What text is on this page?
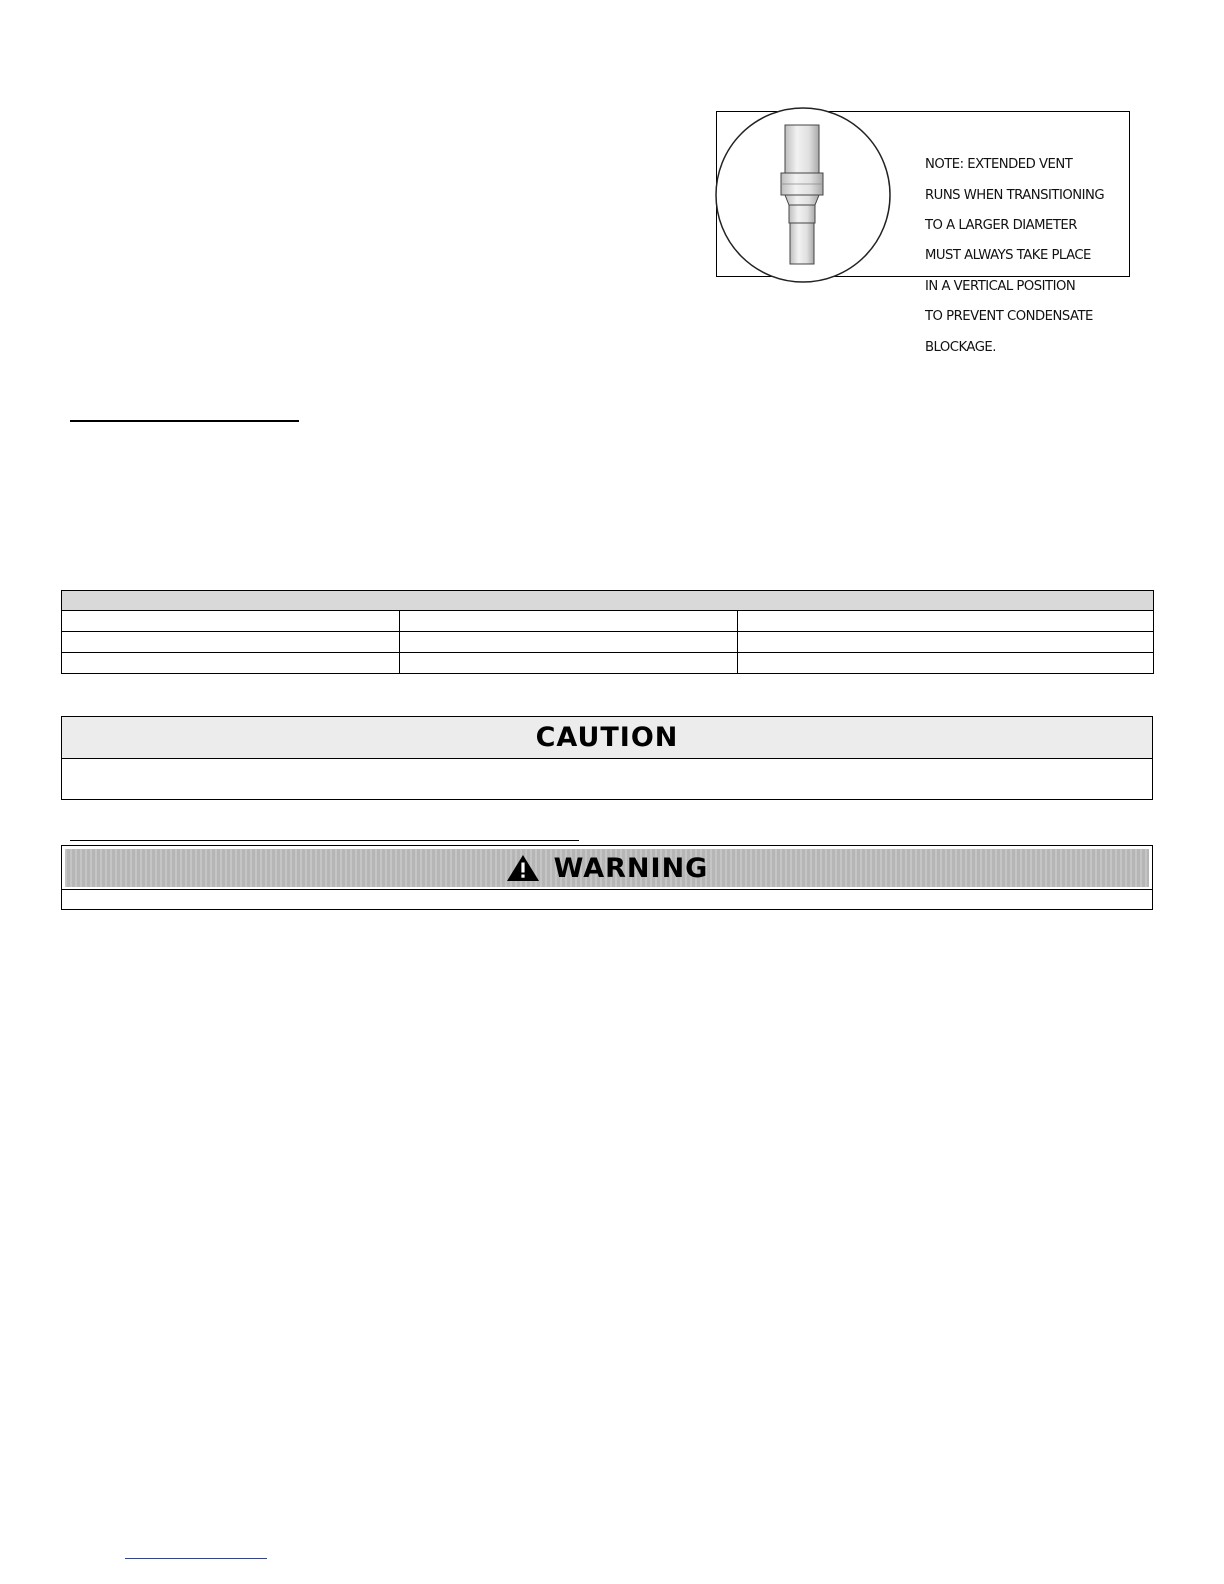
NOTE: EXTENDED VENT

RUNS WHEN TRANSITIONING

TO A LARGER DIAMETER

MUST ALWAYS TAKE PLACE

IN A VERTICAL POSITION

TO PREVENT CONDENSATE

BLOCKAGE.

CAUTION
WARNING
